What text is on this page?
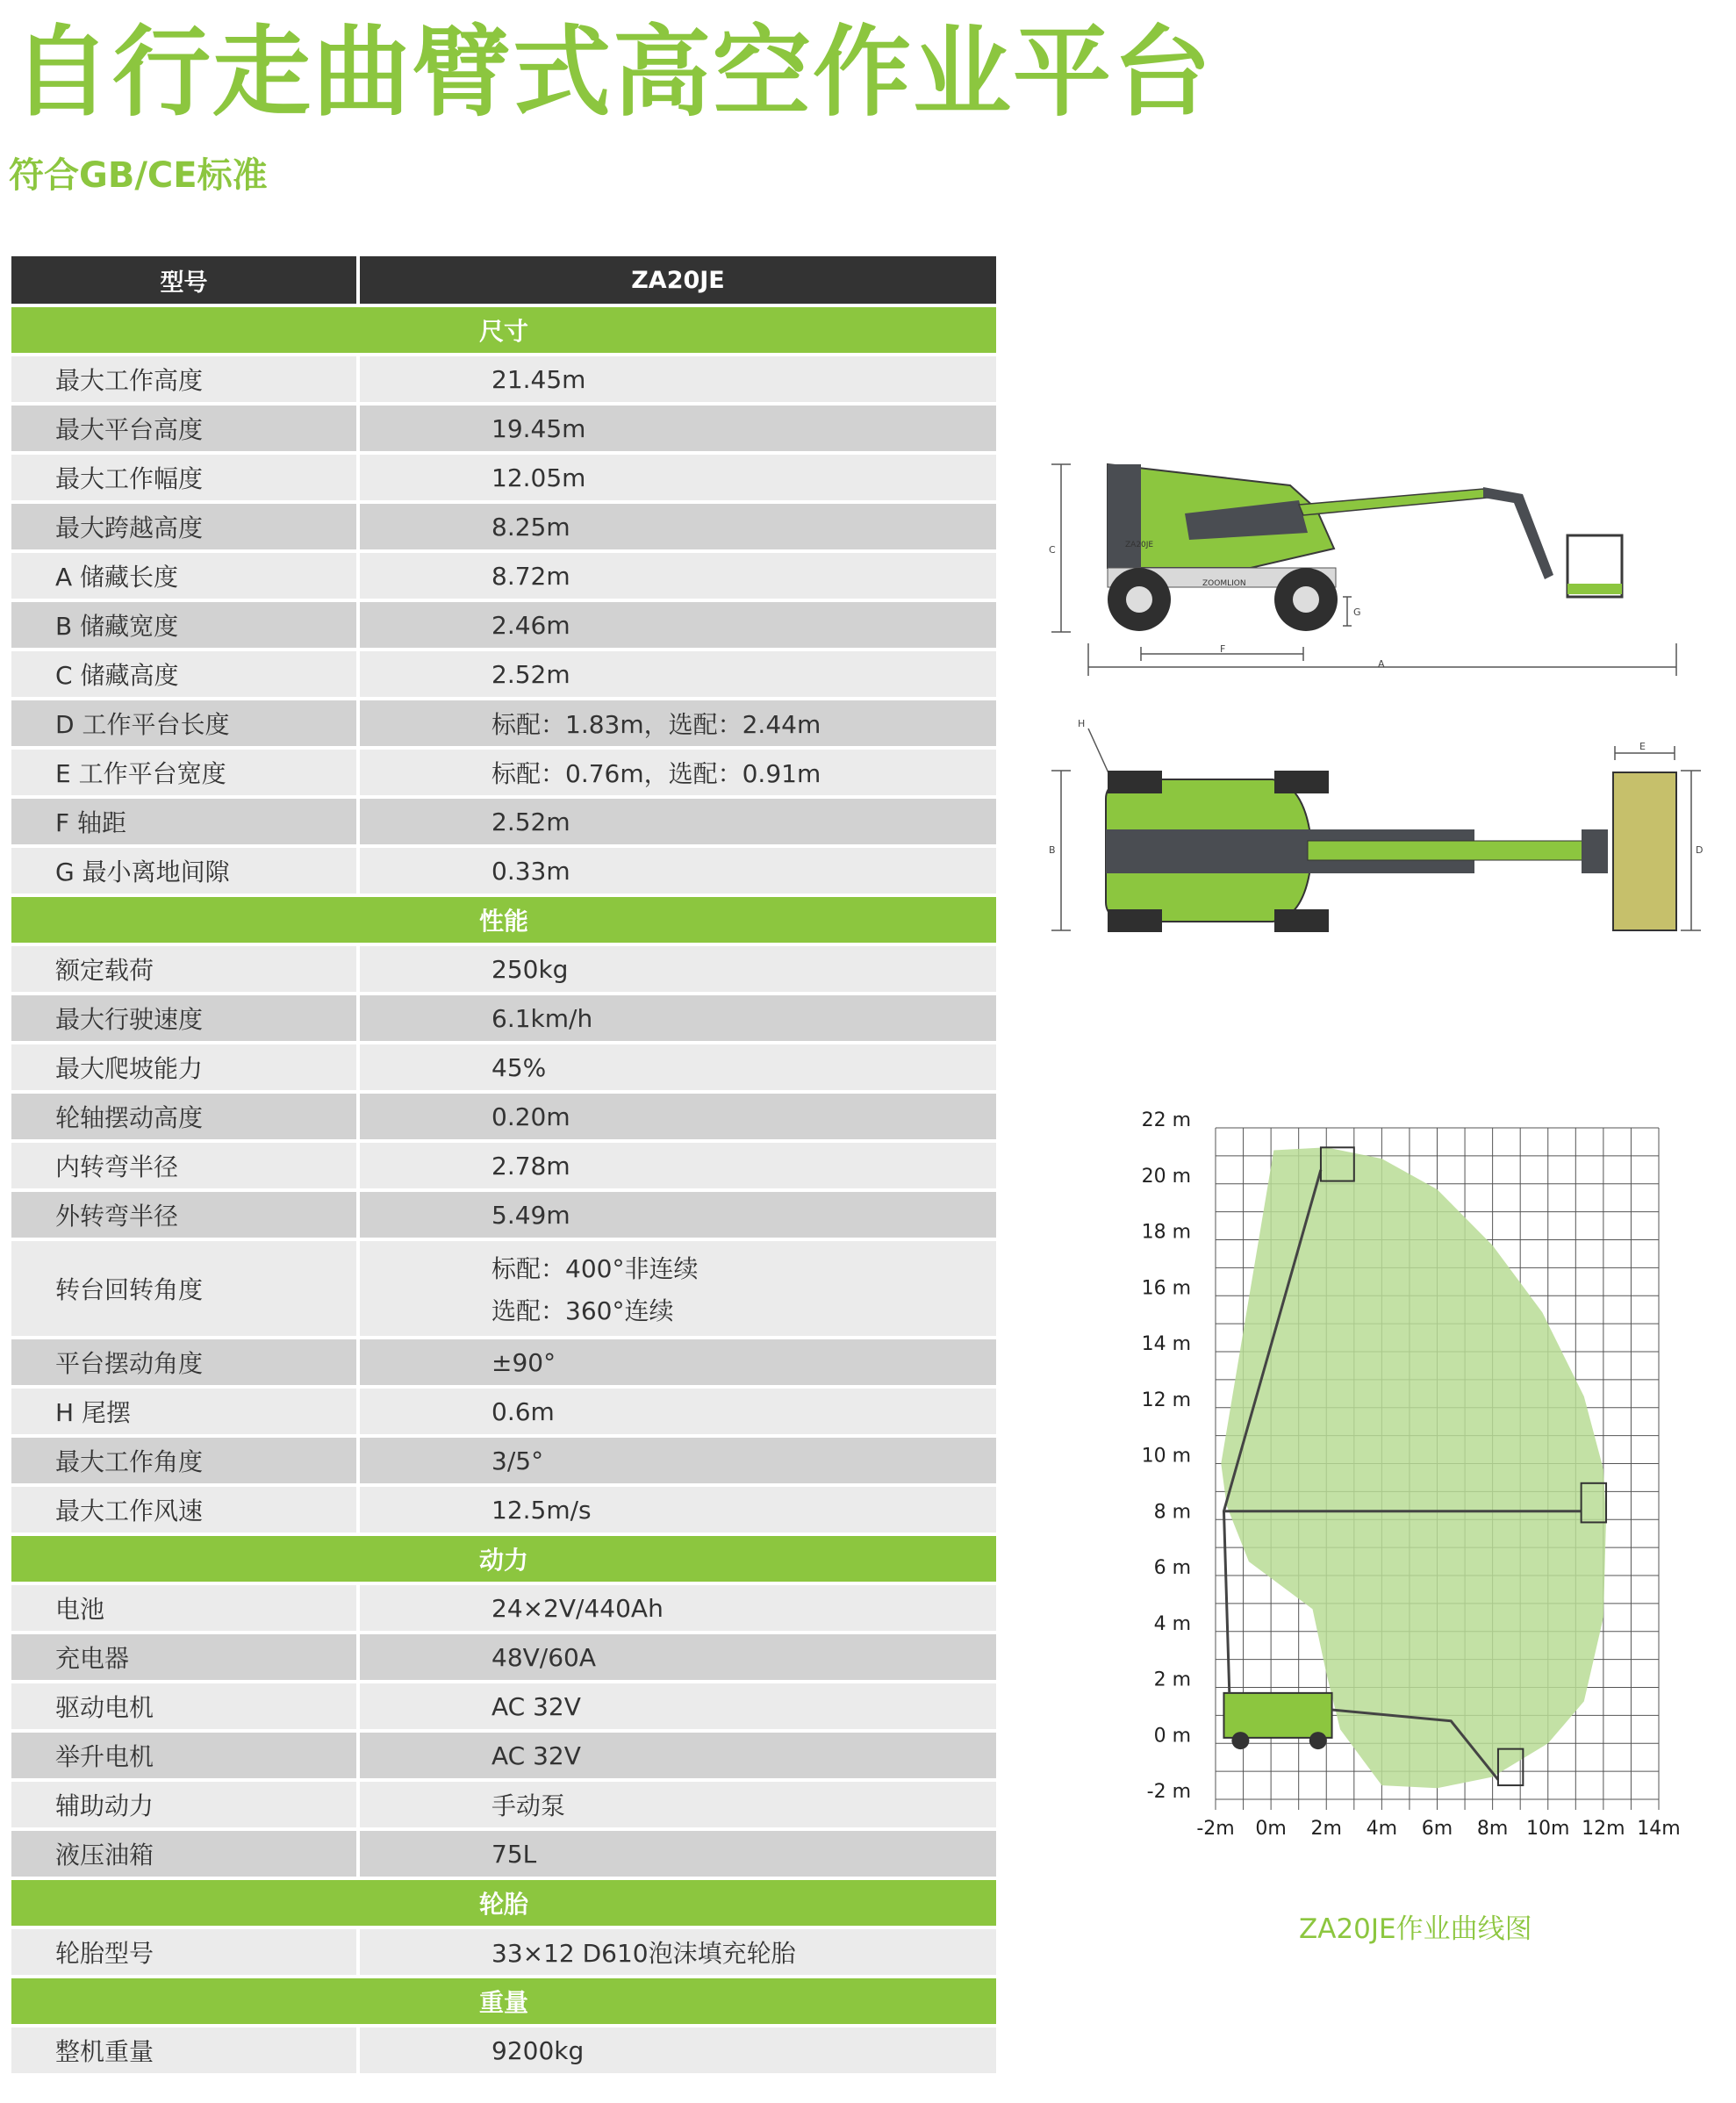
自行走曲臂式高空作业平台
符合GB/CE标准
型号	ZA20JE
尺寸	
最大工作高度	21.45m
最大平台高度	19.45m
最大工作幅度	12.05m
最大跨越高度	8.25m
A 储藏长度	8.72m
B 储藏宽度	2.46m
C 储藏高度	2.52m
D 工作平台长度	标配：1.83m，选配：2.44m
E 工作平台宽度	标配：0.76m，选配：0.91m
F 轴距	2.52m
G 最小离地间隙	0.33m
性能	
额定载荷	250kg
最大行驶速度	6.1km/h
最大爬坡能力	45%
轮轴摆动高度	0.20m
内转弯半径	2.78m
外转弯半径	5.49m
转台回转角度	标配：400°非连续
选配：360°连续

平台摆动角度	±90°
H 尾摆	0.6m
最大工作角度	3/5°
最大工作风速	12.5m/s
动力	
电池	24×2V/440Ah
充电器	48V/60A
驱动电机	AC 32V
举升电机	AC 32V
辅助动力	手动泵
液压油箱	75L
轮胎	
轮胎型号	33×12 D610泡沫填充轮胎
重量	
整机重量	9200kg
C
A
F
G
ZOOMLION
ZA20JE
H
B	D
E
22 m
20 m
18 m
16 m
14 m
12 m
10 m
8 m
6 m
4 m
2 m
0 m
-2 m
-2m 0m 2m 4m 6m 8m 10m 12m 14m
ZA20JE作业曲线图
